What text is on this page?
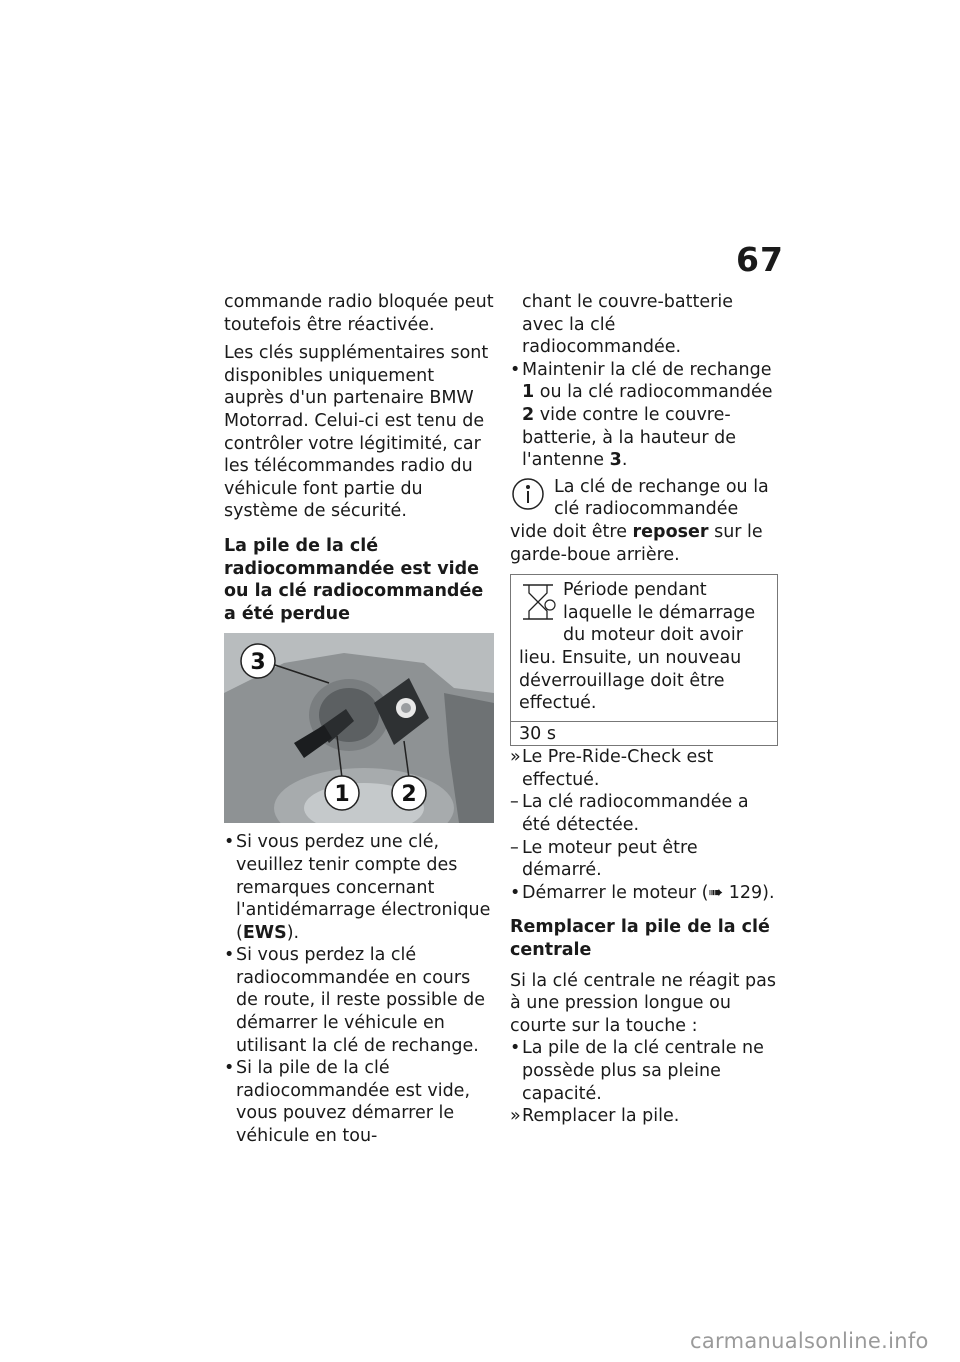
67

commande radio bloquée peut toutefois être réactivée.

Les clés supplémentaires sont disponibles uniquement auprès d'un partenaire BMW Motorrad. Celui-ci est tenu de contrôler votre légitimité, car les télécommandes radio du véhicule font partie du système de sécurité.

La pile de la clé radiocommandée est vide ou la clé radiocommandée a été perdue

3
1 2
• Si vous perdez une clé, veuillez tenir compte des remarques concernant l'antidémarrage électronique (EWS).
• Si vous perdez la clé radiocommandée en cours de route, il reste possible de démarrer le véhicule en utilisant la clé de rechange.
• Si la pile de la clé radiocommandée est vide, vous pouvez démarrer le véhicule en tou-

chant le couvre-batterie avec la clé radiocommandée.

• Maintenir la clé de rechange 1 ou la clé radiocommandée 2 vide contre le couvre-batterie, à la hauteur de l'antenne 3.
La clé de rechange ou la clé radiocommandée vide doit être reposer sur le garde-boue arrière.
Période pendant laquelle le démarrage du moteur doit avoir lieu. Ensuite, un nouveau déverrouillage doit être effectué.
30 s
» Le Pre-Ride-Check est effectué.
– La clé radiocommandée a été détectée.
– Le moteur peut être démarré.
• Démarrer le moteur (➠ 129).

Remplacer la pile de la clé centrale

Si la clé centrale ne réagit pas à une pression longue ou courte sur la touche :

• La pile de la clé centrale ne possède plus sa pleine capacité.
» Remplacer la pile.
carmanualsonline.info
